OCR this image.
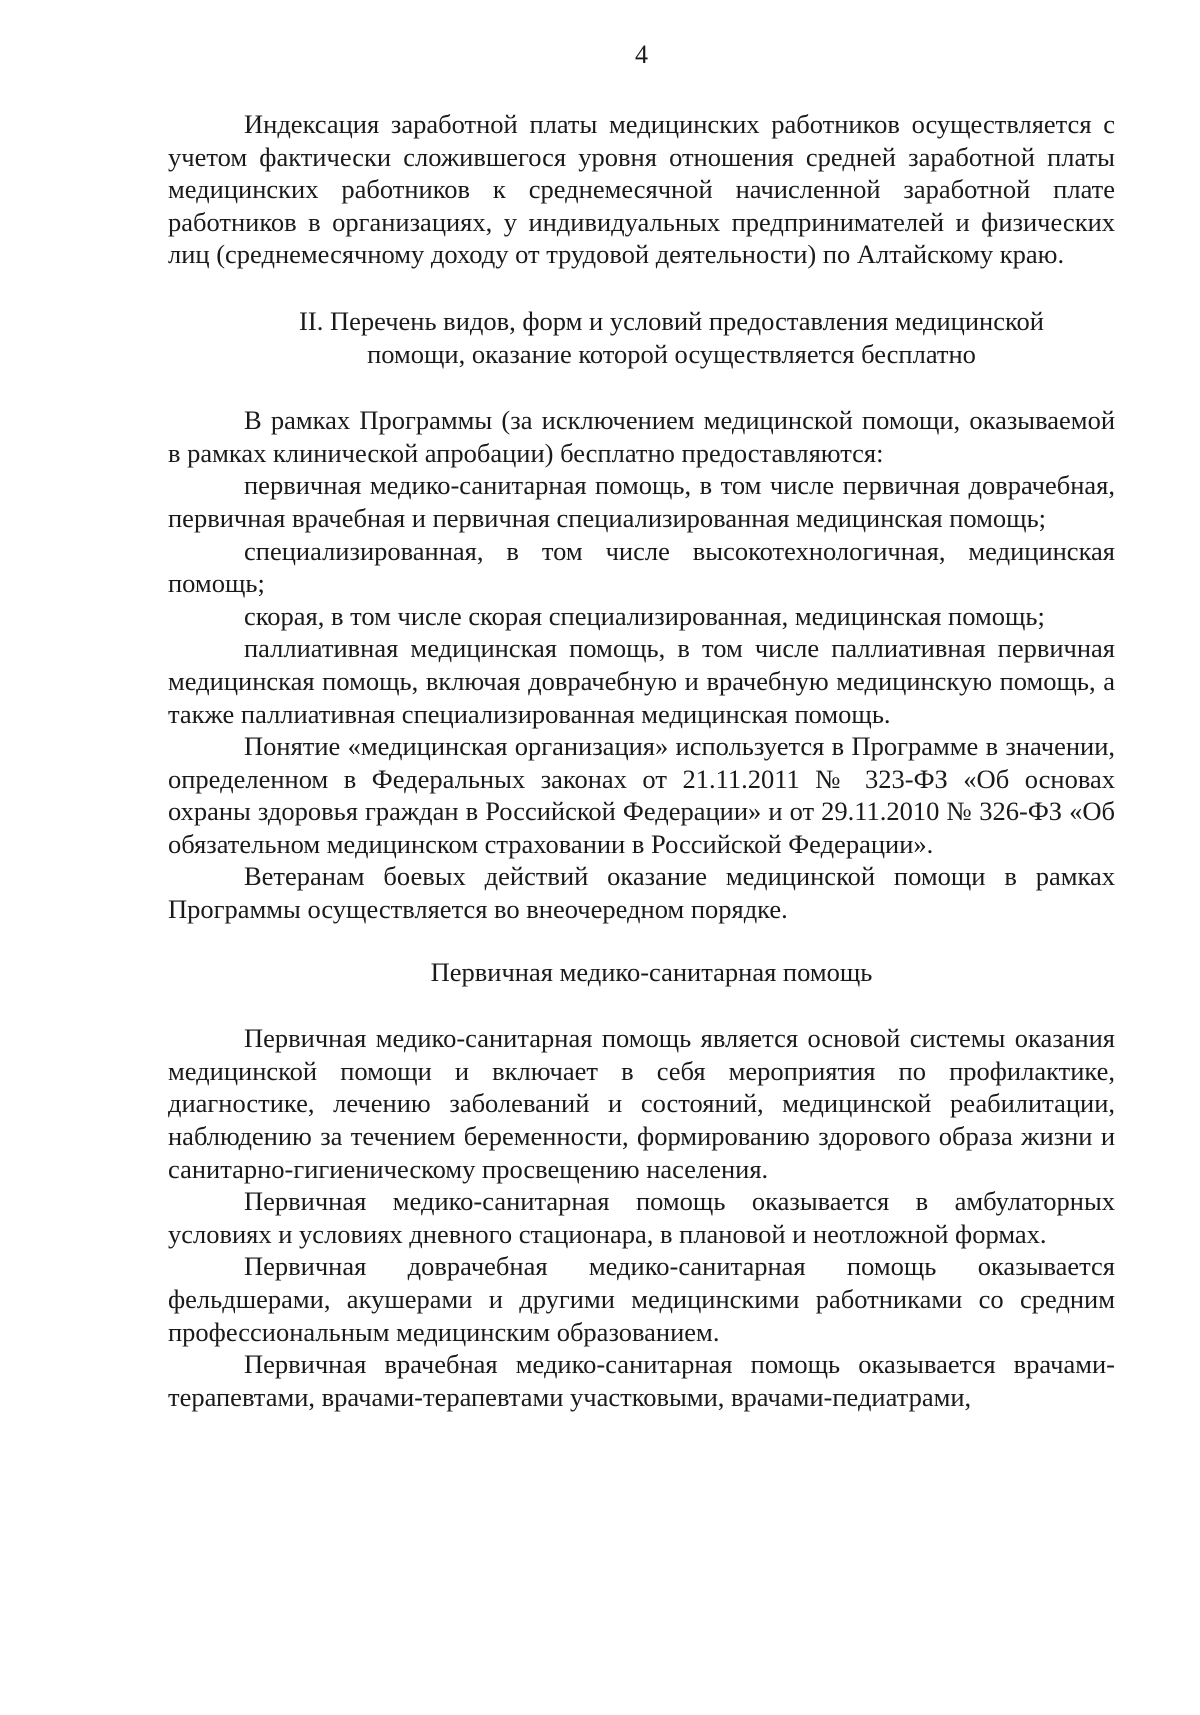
4

Индексация заработной платы медицинских работников осуществляется с учетом фактически сложившегося уровня отношения средней заработной платы медицинских работников к среднемесячной начисленной заработной плате работников в организациях, у индивидуальных предпринимателей и физических лиц (среднемесячному доходу от трудовой деятельности) по Алтайскому краю.

II. Перечень видов, форм и условий предоставления медицинской

помощи, оказание которой осуществляется бесплатно

В рамках Программы (за исключением медицинской помощи, оказываемой в рамках клинической апробации) бесплатно предоставляются:

первичная медико-санитарная помощь, в том числе первичная доврачебная, первичная врачебная и первичная специализированная медицинская помощь;

специализированная, в том числе высокотехнологичная, медицинская помощь;

скорая, в том числе скорая специализированная, медицинская помощь;

паллиативная медицинская помощь, в том числе паллиативная первичная медицинская помощь, включая доврачебную и врачебную медицинскую помощь, а также паллиативная специализированная медицинская помощь.

Понятие «медицинская организация» используется в Программе в значении, определенном в Федеральных законах от 21.11.2011 № 323-ФЗ «Об основах охраны здоровья граждан в Российской Федерации» и от 29.11.2010 № 326-ФЗ «Об обязательном медицинском страховании в Российской Федерации».

Ветеранам боевых действий оказание медицинской помощи в рамках Программы осуществляется во внеочередном порядке.

Первичная медико-санитарная помощь

Первичная медико-санитарная помощь является основой системы оказания медицинской помощи и включает в себя мероприятия по профилактике, диагностике, лечению заболеваний и состояний, медицинской реабилитации, наблюдению за течением беременности, формированию здорового образа жизни и санитарно-гигиеническому просвещению населения.

Первичная медико-санитарная помощь оказывается в амбулаторных условиях и условиях дневного стационара, в плановой и неотложной формах.

Первичная доврачебная медико-санитарная помощь оказывается фельдшерами, акушерами и другими медицинскими работниками со средним профессиональным медицинским образованием.

Первичная врачебная медико-санитарная помощь оказывается врачами-терапевтами, врачами-терапевтами участковыми, врачами-педиатрами,
